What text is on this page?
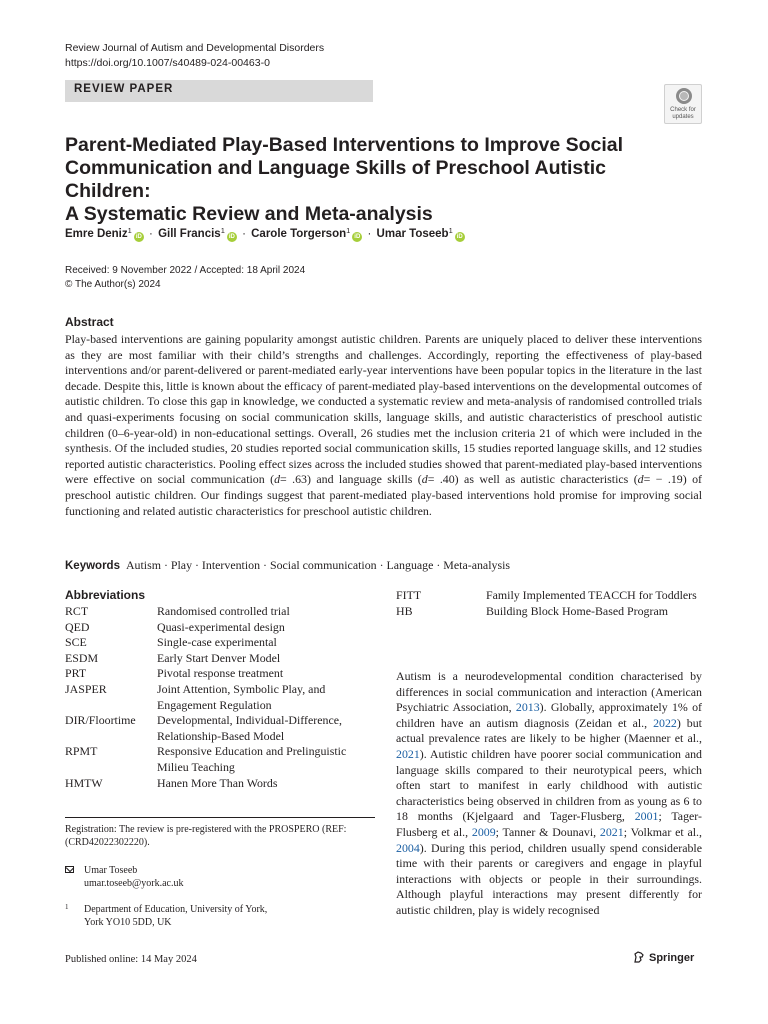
Review Journal of Autism and Developmental Disorders
https://doi.org/10.1007/s40489-024-00463-0
REVIEW PAPER
Check for
updates
Parent-Mediated Play-Based Interventions to Improve Social
Communication and Language Skills of Preschool Autistic Children:
A Systematic Review and Meta-analysis
Emre Deniz$^1$iD · Gill Francis$^1$iD · Carole Torgerson$^1$iD · Umar Toseeb$^1$iD
Received: 9 November 2022 / Accepted: 18 April 2024
© The Author(s) 2024
Abstract

Play-based interventions are gaining popularity amongst autistic children. Parents are uniquely placed to deliver these interventions as they are most familiar with their child’s strengths and challenges. Accordingly, reporting the effectiveness of play-based interventions and/or parent-delivered or parent-mediated early-year interventions have been popular topics in the literature in the last decade. Despite this, little is known about the efficacy of parent-mediated play-based interventions on the developmental outcomes of autistic children. To close this gap in knowledge, we conducted a systematic review and meta-analysis of randomised controlled trials and quasi-experiments focusing on social communication skills, language skills, and autistic characteristics of preschool autistic children (0–6-year-old) in non-educational settings. Overall, 26 studies met the inclusion criteria 21 of which were included in the synthesis. Of the included studies, 20 studies reported social communication skills, 15 studies reported language skills, and 12 studies reported autistic characteristics. Pooling effect sizes across the included studies showed that parent-mediated play-based interventions were effective on social communication (d= .63) and language skills (d= .40) as well as autistic characteristics (d= − .19) of preschool autistic children. Our findings suggest that parent-mediated play-based interventions hold promise for improving social functioning and related autistic characteristics for preschool autistic children.

Keywords Autism · Play · Intervention · Social communication · Language · Meta-analysis
Abbreviations
RCT	Randomised controlled trial
QED	Quasi-experimental design
SCE	Single-case experimental
ESDM	Early Start Denver Model
PRT	Pivotal response treatment
JASPER	Joint Attention, Symbolic Play, and Engagement Regulation
DIR/Floortime	Developmental, Individual-Difference, Relationship-Based Model
RPMT	Responsive Education and Prelinguistic Milieu Teaching
HMTW	Hanen More Than Words
FITT	Family Implemented TEACCH for Toddlers
HB	Building Block Home-Based Program
Registration: The review is pre-registered with the PROSPERO (REF: (CRD42022302220).
Umar Toseeb
umar.toseeb@york.ac.uk
1 Department of Education, University of York,
York YO10 5DD, UK
Autism is a neurodevelopmental condition characterised by differences in social communication and interaction (American Psychiatric Association, 2013). Globally, approximately 1% of children have an autism diagnosis (Zeidan et al., 2022) but actual prevalence rates are likely to be higher (Maenner et al., 2021). Autistic children have poorer social communication and language skills compared to their neurotypical peers, which often start to manifest in early childhood with autistic characteristics being observed in children from as young as 6 to 18 months (Kjelgaard and Tager-Flusberg, 2001; Tager-Flusberg et al., 2009; Tanner & Dounavi, 2021; Volkmar et al., 2004). During this period, children usually spend considerable time with their parents or caregivers and engage in playful interactions with objects or people in their surroundings. Although playful interactions may present differently for autistic children, play is widely recognised
Published online: 14 May 2024	Springer
